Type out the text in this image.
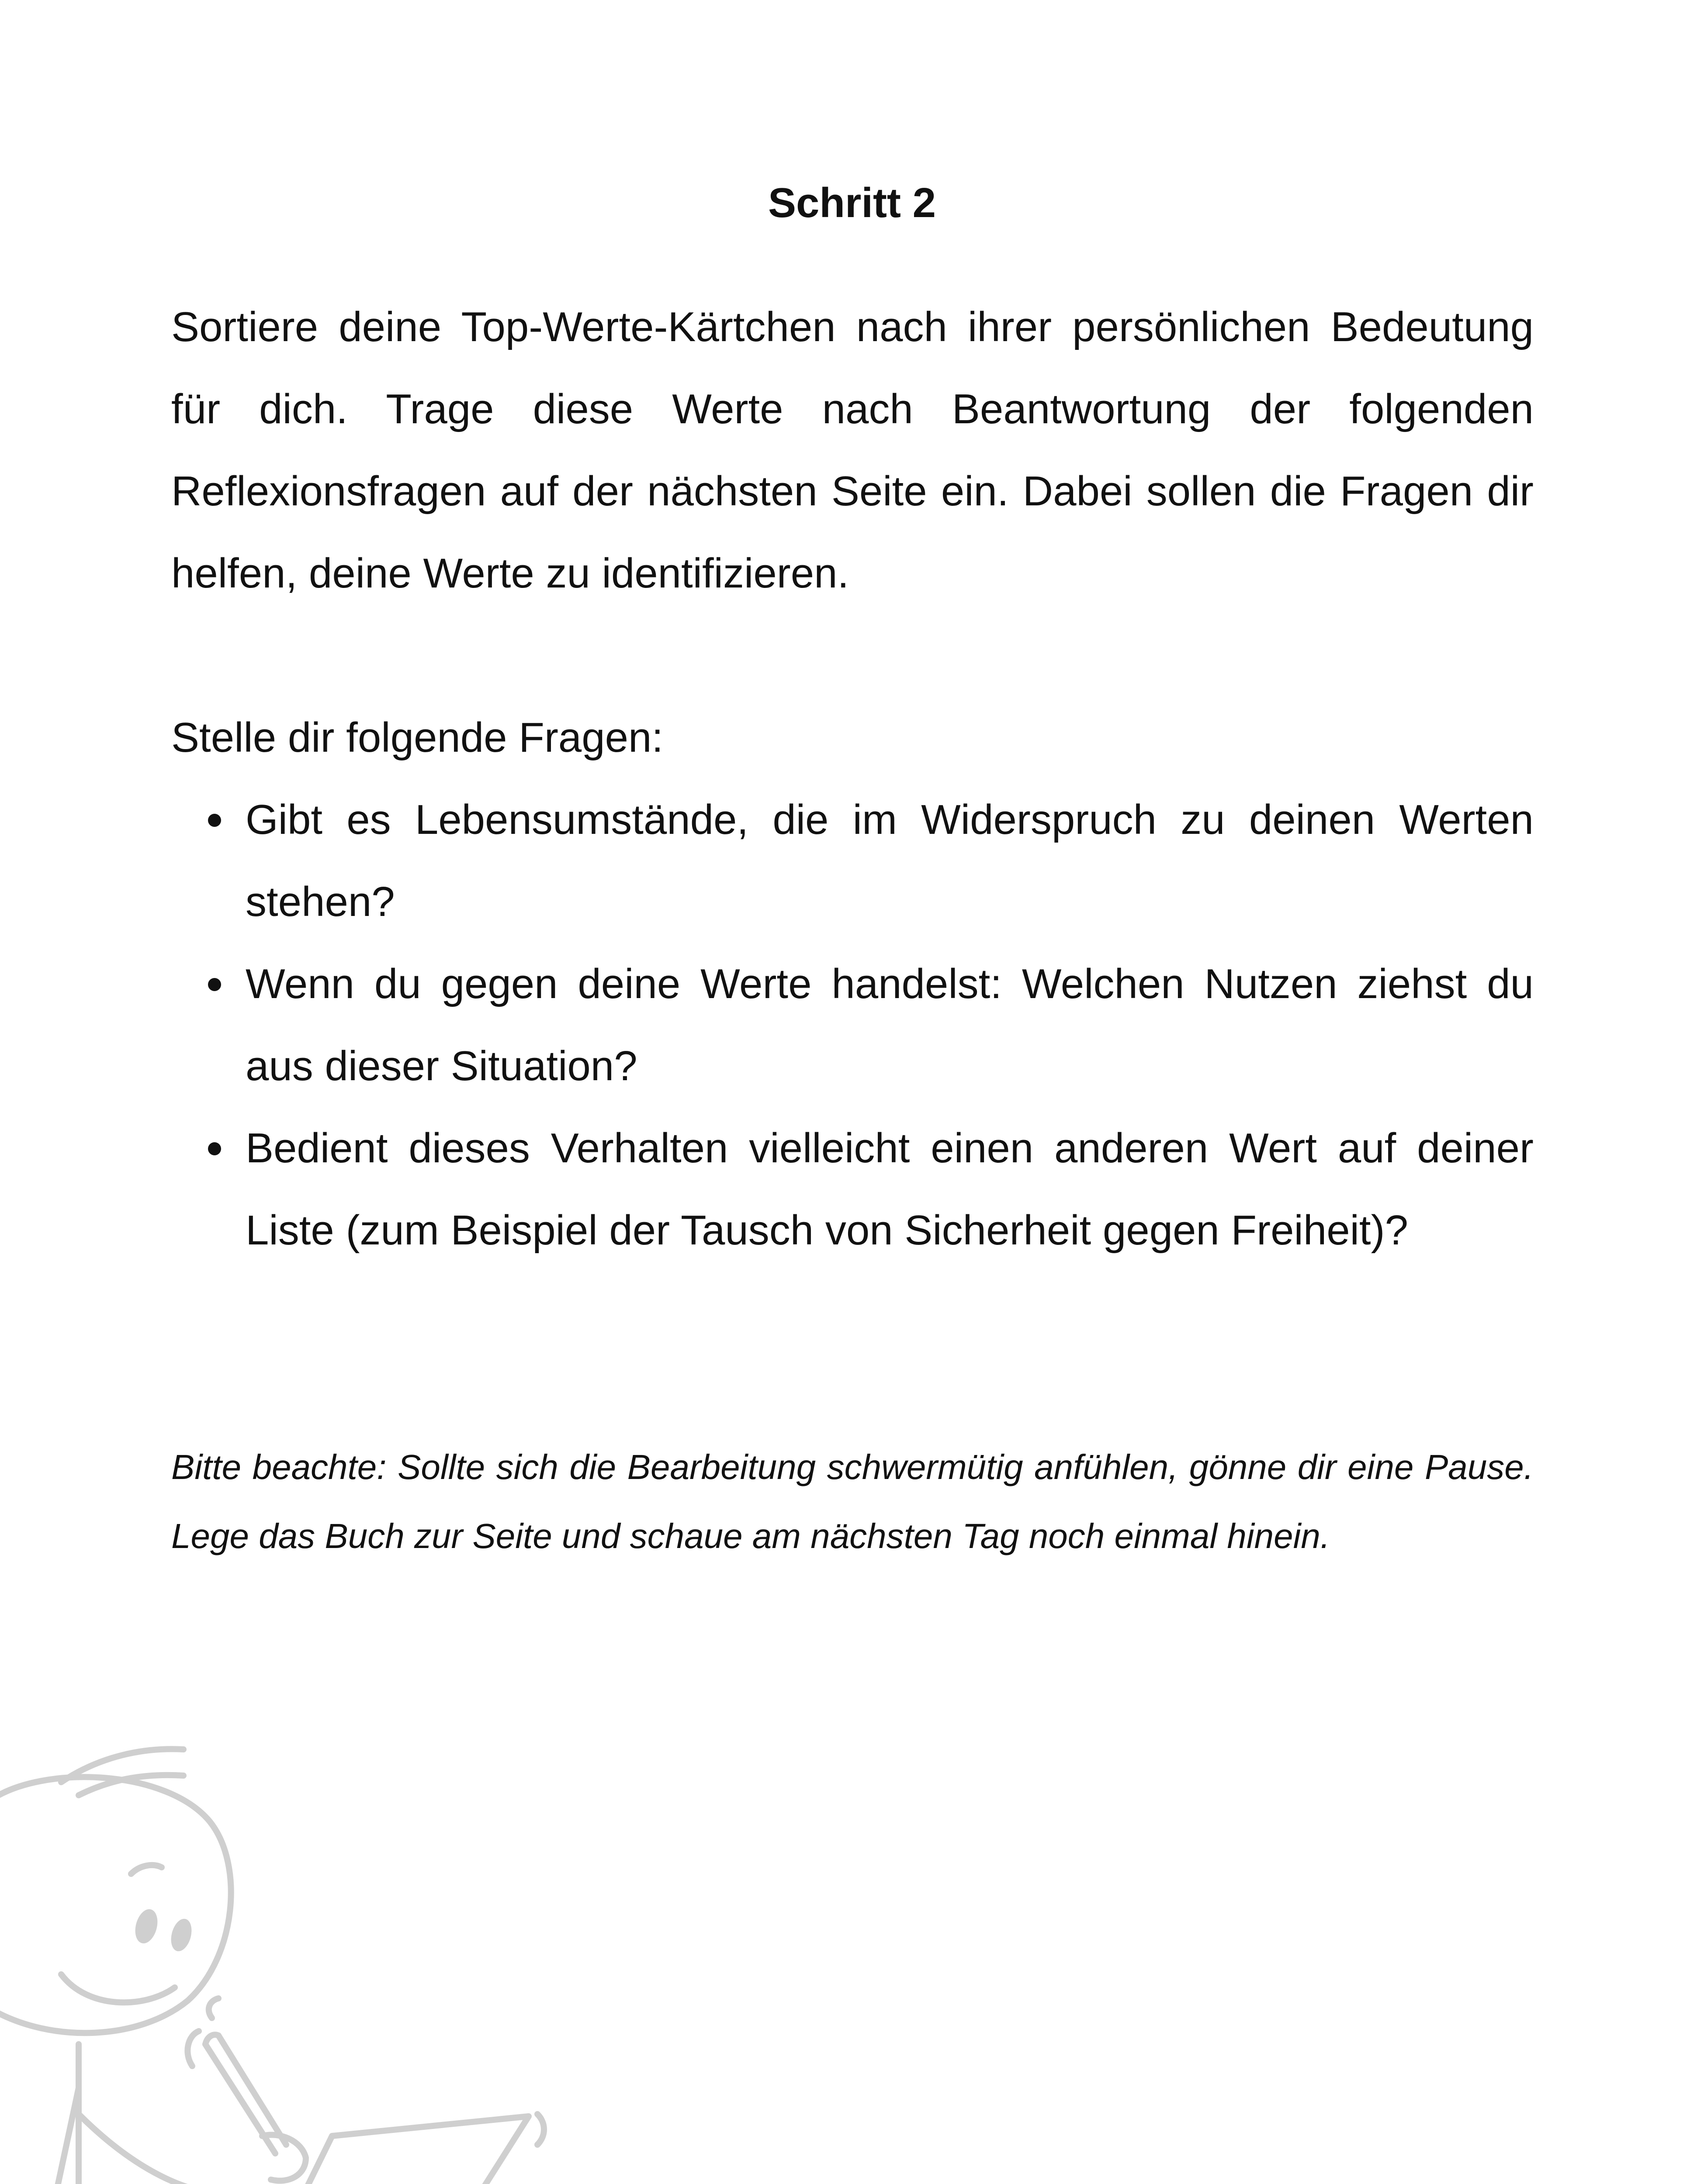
Schritt 2

Sortiere deine Top-Werte-Kärtchen nach ihrer persönlichen Bedeutung für dich. Trage diese Werte nach Beantwortung der folgenden Reflexionsfragen auf der nächsten Seite ein. Dabei sollen die Fragen dir helfen, deine Werte zu identifizieren.

Stelle dir folgende Fragen:

Gibt es Lebensumstände, die im Widerspruch zu deinen Werten stehen?
Wenn du gegen deine Werte handelst: Welchen Nutzen ziehst du aus dieser Situation?
Bedient dieses Verhalten vielleicht einen anderen Wert auf deiner Liste (zum Beispiel der Tausch von Sicherheit gegen Freiheit)?

Bitte beachte: Sollte sich die Bearbeitung schwermütig anfühlen, gönne dir eine Pause. Lege das Buch zur Seite und schaue am nächsten Tag noch einmal hinein.
